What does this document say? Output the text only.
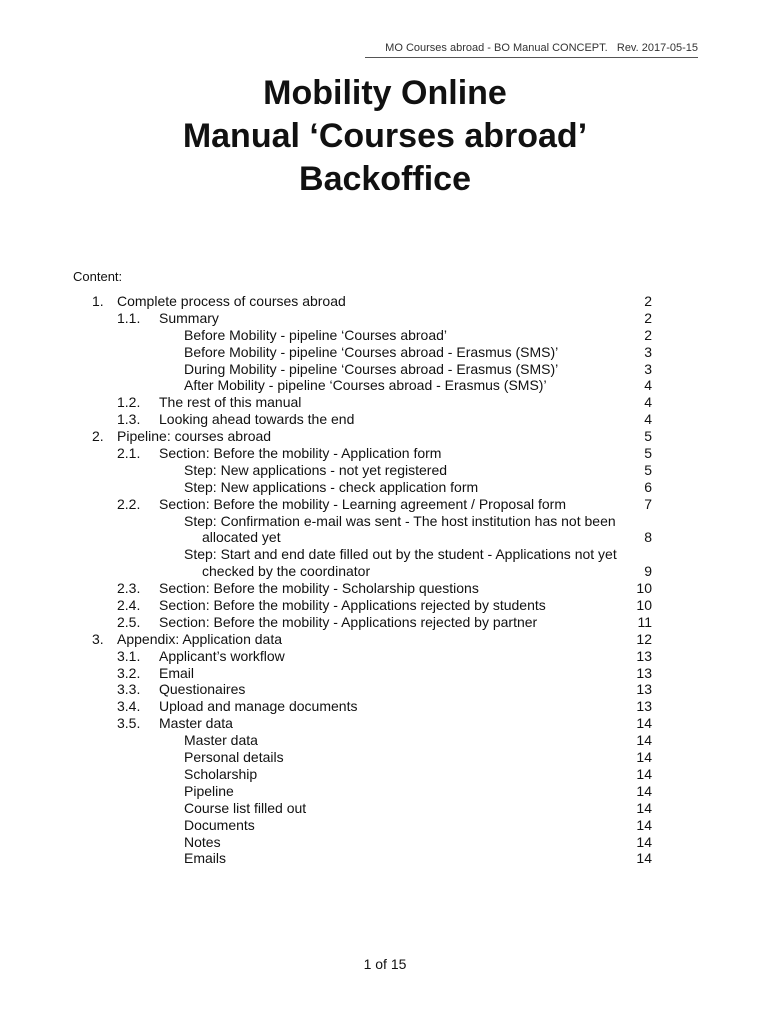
MO Courses abroad - BO Manual CONCEPT. Rev. 2017-05-15
Mobility Online
Manual ‘Courses abroad’
Backoffice
Content:
1. Complete process of courses abroad	2
1.1. Summary	2
Before Mobility - pipeline ‘Courses abroad’	2
Before Mobility - pipeline ‘Courses abroad - Erasmus (SMS)’	3
During Mobility - pipeline ‘Courses abroad - Erasmus (SMS)’	3
After Mobility - pipeline ‘Courses abroad - Erasmus (SMS)’	4
1.2. The rest of this manual	4
1.3. Looking ahead towards the end	4
2. Pipeline: courses abroad	5
2.1. Section: Before the mobility - Application form	5
Step: New applications - not yet registered	5
Step: New applications - check application form	6
2.2. Section: Before the mobility - Learning agreement / Proposal form	7
Step: Confirmation e-mail was sent - The host institution has not been
allocated yet	8
Step: Start and end date filled out by the student - Applications not yet
checked by the coordinator	9
2.3. Section: Before the mobility - Scholarship questions	10
2.4. Section: Before the mobility - Applications rejected by students	10
2.5. Section: Before the mobility - Applications rejected by partner	11
3. Appendix: Application data	12
3.1. Applicant’s workflow	13
3.2. Email	13
3.3. Questionaires	13
3.4. Upload and manage documents	13
3.5. Master data	14
Master data	14
Personal details	14
Scholarship	14
Pipeline	14
Course list filled out	14
Documents	14
Notes	14
Emails	14
1 of 15
